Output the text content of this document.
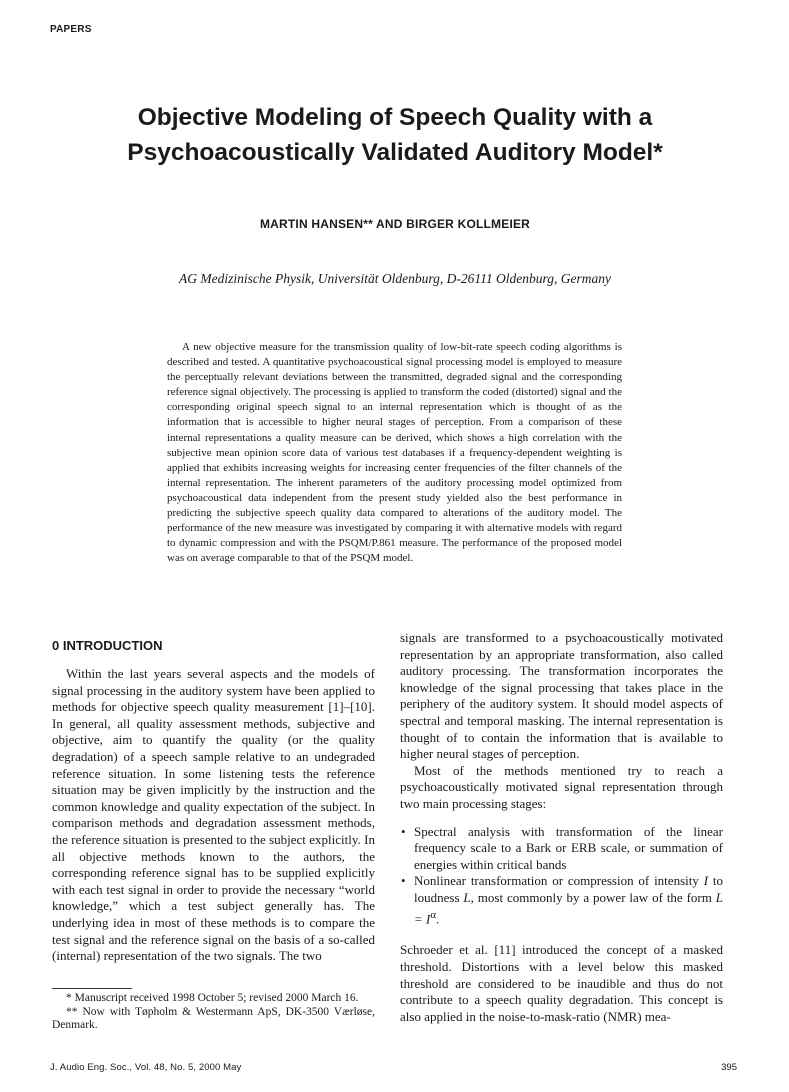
PAPERS
Objective Modeling of Speech Quality with a
Psychoacoustically Validated Auditory Model*
MARTIN HANSEN** AND BIRGER KOLLMEIER
AG Medizinische Physik, Universität Oldenburg, D-26111 Oldenburg, Germany

A new objective measure for the transmission quality of low-bit-rate speech coding algorithms is described and tested. A quantitative psychoacoustical signal processing model is employed to measure the perceptually relevant deviations between the transmitted, degraded signal and the corresponding reference signal objectively. The processing is applied to transform the coded (distorted) signal and the corresponding original speech signal to an internal representation which is thought of as the information that is accessible to higher neural stages of perception. From a comparison of these internal representations a quality measure can be derived, which shows a high correlation with the subjective mean opinion score data of various test databases if a frequency-dependent weighting is applied that exhibits increasing weights for increasing center frequencies of the filter channels of the internal representation. The inherent parameters of the auditory processing model optimized from psychoacoustical data independent from the present study yielded also the best performance in predicting the subjective speech quality data compared to alterations of the auditory model. The performance of the new measure was investigated by comparing it with alternative models with regard to dynamic compression and with the PSQM/P.861 measure. The performance of the proposed model was on average comparable to that of the PSQM model.

0 INTRODUCTION

Within the last years several aspects and the models of signal processing in the auditory system have been applied to methods for objective speech quality measurement [1]–[10]. In general, all quality assessment methods, subjective and objective, aim to quantify the quality (or the quality degradation) of a speech sample relative to an undegraded reference situation. In some listening tests the reference situation may be given implicitly by the instruction and the common knowledge and quality expectation of the subject. In comparison methods and degradation assessment methods, the reference situation is presented to the subject explicitly. In all objective methods known to the authors, the corresponding reference signal has to be supplied explicitly with each test signal in order to provide the necessary “world knowledge,” which a test subject generally has. The underlying idea in most of these methods is to compare the test signal and the reference signal on the basis of a so-called (internal) representation of the two signals. The two

signals are transformed to a psychoacoustically motivated representation by an appropriate transformation, also called auditory processing. The transformation incorporates the knowledge of the signal processing that takes place in the periphery of the auditory system. It should model aspects of spectral and temporal masking. The internal representation is thought of to contain the information that is available to higher neural stages of perception.

Most of the methods mentioned try to reach a psychoacoustically motivated signal representation through two main processing stages:

• Spectral analysis with transformation of the linear frequency scale to a Bark or ERB scale, or summation of energies within critical bands
• Nonlinear transformation or compression of intensity I to loudness L, most commonly by a power law of the form $L = I^\alpha$.

Schroeder et al. [11] introduced the concept of a masked threshold. Distortions with a level below this masked threshold are considered to be inaudible and thus do not contribute to a speech quality degradation. This concept is also applied in the noise-to-mask-ratio (NMR) mea-

* Manuscript received 1998 October 5; revised 2000 March 16.

** Now with Tøpholm & Westermann ApS, DK-3500 Værløse, Denmark.

J. Audio Eng. Soc., Vol. 48, No. 5, 2000 May	395
